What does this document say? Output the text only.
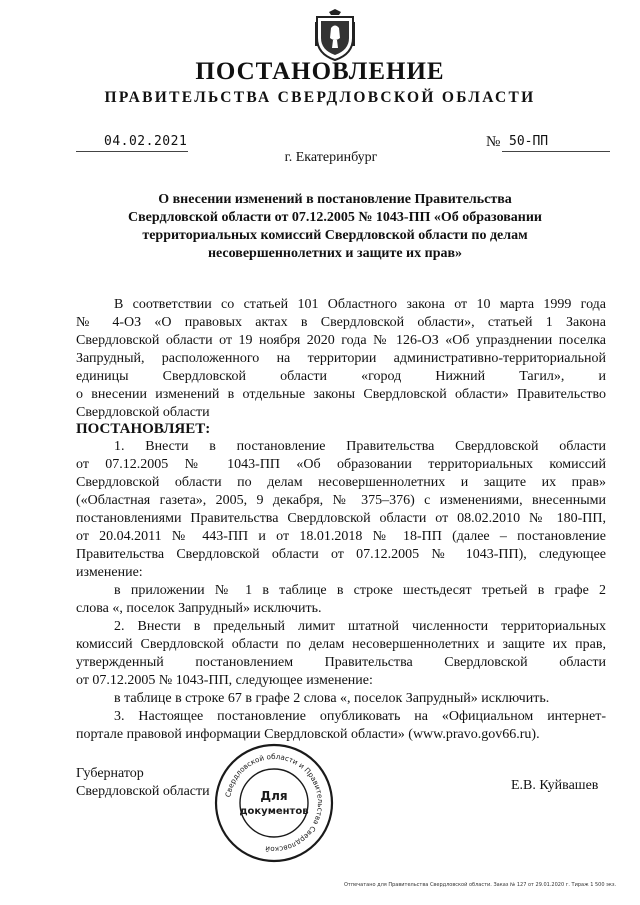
ПОСТАНОВЛЕНИЕ
ПРАВИТЕЛЬСТВА СВЕРДЛОВСКОЙ ОБЛАСТИ
04.02.2021	№ 50-ПП
г. Екатеринбург
О внесении изменений в постановление Правительства
Свердловской области от 07.12.2005 № 1043-ПП «Об образовании
территориальных комиссий Свердловской области по делам
несовершеннолетних и защите их прав»
В соответствии со статьей 101 Областного закона от 10 марта 1999 года
№ 4-ОЗ «О правовых актах в Свердловской области», статьей 1 Закона
Свердловской области от 19 ноября 2020 года № 126-ОЗ «Об упразднении поселка
Запрудный, расположенного на территории административно-территориальной
единицы Свердловской области «город Нижний Тагил», и
о внесении изменений в отдельные законы Свердловской области» Правительство
Свердловской области
ПОСТАНОВЛЯЕТ:
1. Внести в постановление Правительства Свердловской области
от 07.12.2005 № 1043-ПП «Об образовании территориальных комиссий
Свердловской области по делам несовершеннолетних и защите их прав»
(«Областная газета», 2005, 9 декабря, № 375–376) с изменениями, внесенными
постановлениями Правительства Свердловской области от 08.02.2010 № 180-ПП,
от 20.04.2011 № 443-ПП и от 18.01.2018 № 18-ПП (далее – постановление
Правительства Свердловской области от 07.12.2005 № 1043-ПП), следующее
изменение:
в приложении № 1 в таблице в строке шестьдесят третьей в графе 2
слова «, поселок Запрудный» исключить.
2. Внести в предельный лимит штатной численности территориальных
комиссий Свердловской области по делам несовершеннолетних и защите их прав,
утвержденный постановлением Правительства Свердловской области
от 07.12.2005 № 1043-ПП, следующее изменение:
в таблице в строке 67 в графе 2 слова «, поселок Запрудный» исключить.
3. Настоящее постановление опубликовать на «Официальном интернет-
портале правовой информации Свердловской области» (www.pravo.gov66.ru).
Губернатор
Свердловской области	Е.В. Куйвашев
Свердловской области и Правительства Свердловской
Для
документов
Отпечатано для Правительства Свердловской области. Заказ № 127 от 29.01.2020 г. Тираж 1 500 экз.
